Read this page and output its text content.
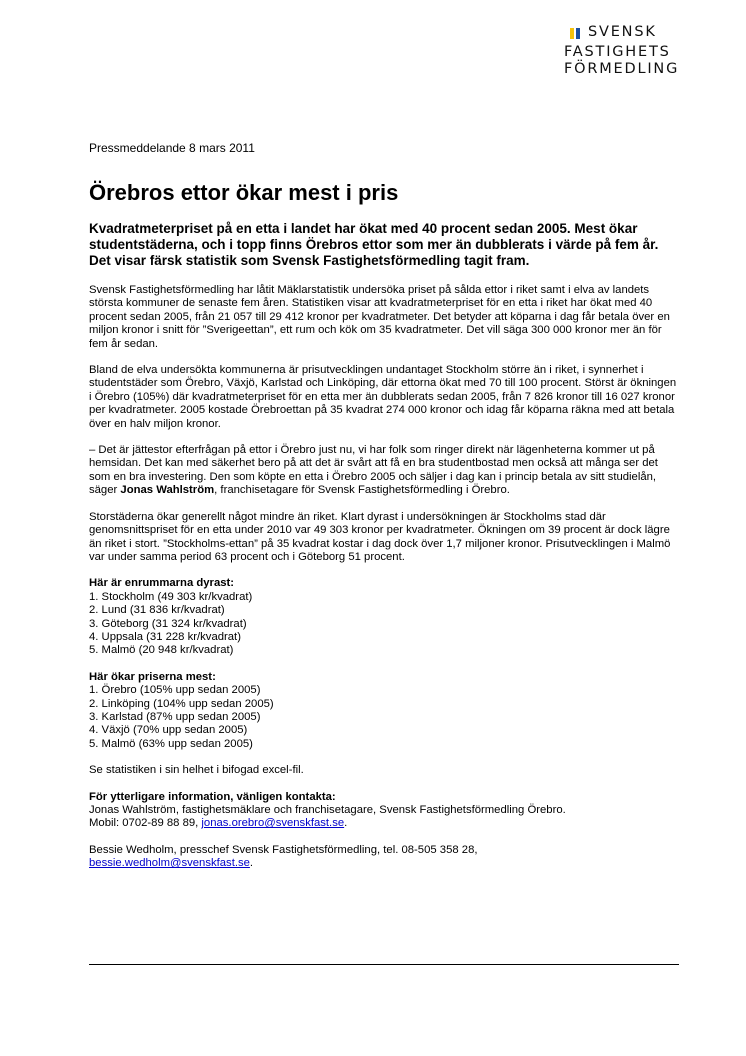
SVENSK
FASTIGHETS
FÖRMEDLING

Pressmeddelande 8 mars 2011

Örebros ettor ökar mest i pris
Kvadratmeterpriset på en etta i landet har ökat med 40 procent sedan 2005. Mest ökar studentstäderna, och i topp finns Örebros ettor som mer än dubblerats i värde på fem år. Det visar färsk statistik som Svensk Fastighetsförmedling tagit fram.

Svensk Fastighetsförmedling har låtit Mäklarstatistik undersöka priset på sålda ettor i riket samt i elva av landets största kommuner de senaste fem åren. Statistiken visar att kvadratmeterpriset för en etta i riket har ökat med 40 procent sedan 2005, från 21 057 till 29 412 kronor per kvadratmeter. Det betyder att köparna i dag får betala över en miljon kronor i snitt för ”Sverigeettan”, ett rum och kök om 35 kvadratmeter. Det vill säga 300 000 kronor mer än för fem år sedan.

Bland de elva undersökta kommunerna är prisutvecklingen undantaget Stockholm större än i riket, i synnerhet i studentstäder som Örebro, Växjö, Karlstad och Linköping, där ettorna ökat med 70 till 100 procent. Störst är ökningen i Örebro (105%) där kvadratmeterpriset för en etta mer än dubblerats sedan 2005, från 7 826 kronor till 16 027 kronor per kvadratmeter. 2005 kostade Örebroettan på 35 kvadrat 274 000 kronor och idag får köparna räkna med att betala över en halv miljon kronor.

– Det är jättestor efterfrågan på ettor i Örebro just nu, vi har folk som ringer direkt när lägenheterna kommer ut på hemsidan. Det kan med säkerhet bero på att det är svårt att få en bra studentbostad men också att många ser det som en bra investering. Den som köpte en etta i Örebro 2005 och säljer i dag kan i princip betala av sitt studielån, säger Jonas Wahlström, franchisetagare för Svensk Fastighetsförmedling i Örebro.

Storstäderna ökar generellt något mindre än riket. Klart dyrast i undersökningen är Stockholms stad där genomsnittspriset för en etta under 2010 var 49 303 kronor per kvadratmeter. Ökningen om 39 procent är dock lägre än riket i stort. ”Stockholms-ettan” på 35 kvadrat kostar i dag dock över 1,7 miljoner kronor. Prisutvecklingen i Malmö var under samma period 63 procent och i Göteborg 51 procent.

Här är enrummarna dyrast:

1. Stockholm (49 303 kr/kvadrat)
2. Lund (31 836 kr/kvadrat)
3. Göteborg (31 324 kr/kvadrat)
4. Uppsala (31 228 kr/kvadrat)
5. Malmö (20 948 kr/kvadrat)

Här ökar priserna mest:

1. Örebro (105% upp sedan 2005)
2. Linköping (104% upp sedan 2005)
3. Karlstad (87% upp sedan 2005)
4. Växjö (70% upp sedan 2005)
5. Malmö (63% upp sedan 2005)

Se statistiken i sin helhet i bifogad excel-fil.

För ytterligare information, vänligen kontakta:

Jonas Wahlström, fastighetsmäklare och franchisetagare, Svensk Fastighetsförmedling Örebro.

Mobil: 0702-89 88 89, jonas.orebro@svenskfast.se.

Bessie Wedholm, presschef Svensk Fastighetsförmedling, tel. 08-505 358 28,

bessie.wedholm@svenskfast.se.
